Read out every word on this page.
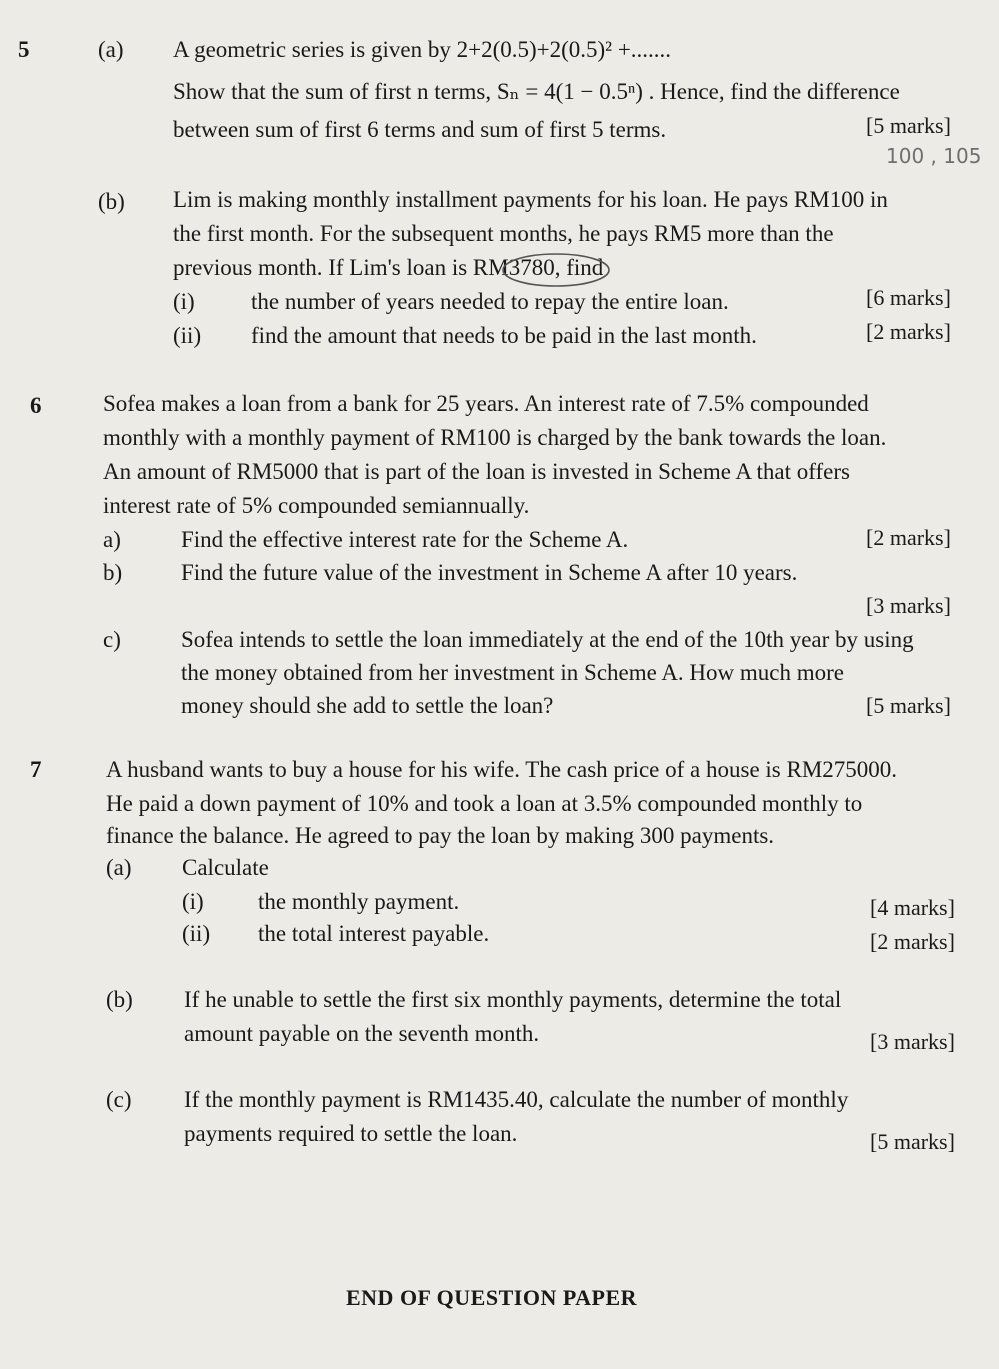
5	(a) A geometric series is given by 2+2(0.5)+2(0.5)² +.......
Show that the sum of first n terms, Sₙ = 4(1 − 0.5ⁿ) . Hence, find the difference
between sum of first 6 terms and sum of first 5 terms.	[5 marks]
100 , 105
(b) Lim is making monthly installment payments for his loan. He pays RM100 in
the first month. For the subsequent months, he pays RM5 more than the
previous month. If Lim's loan is RM3780, find
(i) the number of years needed to repay the entire loan.	[6 marks]
(ii) find the amount that needs to be paid in the last month.	[2 marks]
6	Sofea makes a loan from a bank for 25 years. An interest rate of 7.5% compounded
monthly with a monthly payment of RM100 is charged by the bank towards the loan.
An amount of RM5000 that is part of the loan is invested in Scheme A that offers
interest rate of 5% compounded semiannually.
a)	Find the effective interest rate for the Scheme A.	[2 marks]
b)	Find the future value of the investment in Scheme A after 10 years.
[3 marks]
c)	Sofea intends to settle the loan immediately at the end of the 10th year by using
the money obtained from her investment in Scheme A. How much more
money should she add to settle the loan?	[5 marks]
7	A husband wants to buy a house for his wife. The cash price of a house is RM275000.
He paid a down payment of 10% and took a loan at 3.5% compounded monthly to
finance the balance. He agreed to pay the loan by making 300 payments.
(a) Calculate
(i) the monthly payment.	[4 marks]
(ii) the total interest payable.	[2 marks]
(b) If he unable to settle the first six monthly payments, determine the total
amount payable on the seventh month.	[3 marks]
(c) If the monthly payment is RM1435.40, calculate the number of monthly
payments required to settle the loan.	[5 marks]
END OF QUESTION PAPER
